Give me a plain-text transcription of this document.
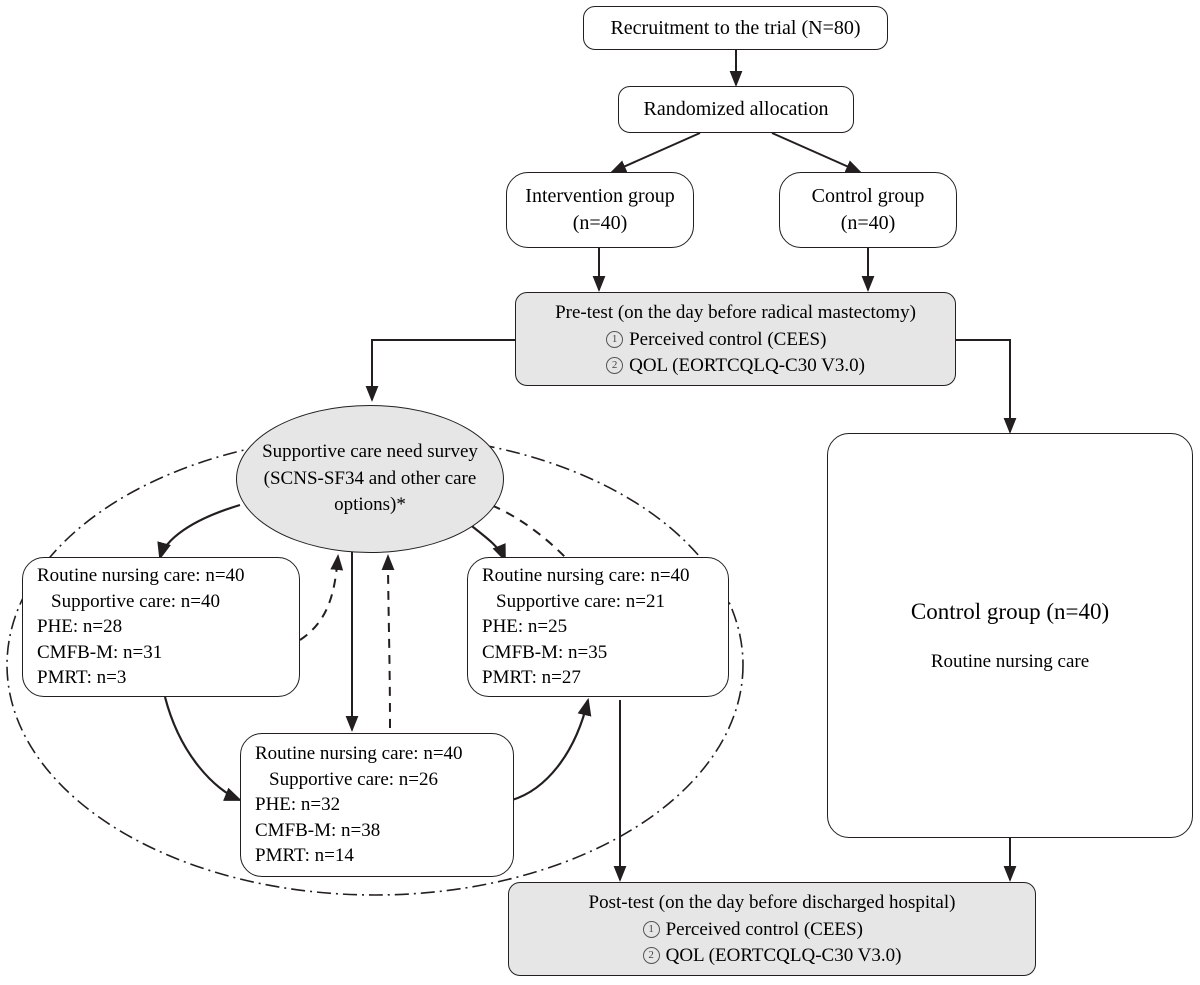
Recruitment to the trial (N=80)
Randomized allocation
Intervention group
(n=40)
Control group
(n=40)
Pre-test (on the day before radical mastectomy)
1 Perceived control (CEES)
2 QOL (EORTCQLQ-C30 V3.0)
Supportive care need survey
(SCNS-SF34 and other care
options)*
Routine nursing care: n=40
Supportive care: n=40
PHE: n=28
CMFB-M: n=31
PMRT: n=3
Routine nursing care: n=40
Supportive care: n=21
PHE: n=25
CMFB-M: n=35
PMRT: n=27
Routine nursing care: n=40
Supportive care: n=26
PHE: n=32
CMFB-M: n=38
PMRT: n=14
Control group (n=40)
Routine nursing care
Post-test (on the day before discharged hospital)
1 Perceived control (CEES)
2 QOL (EORTCQLQ-C30 V3.0)
